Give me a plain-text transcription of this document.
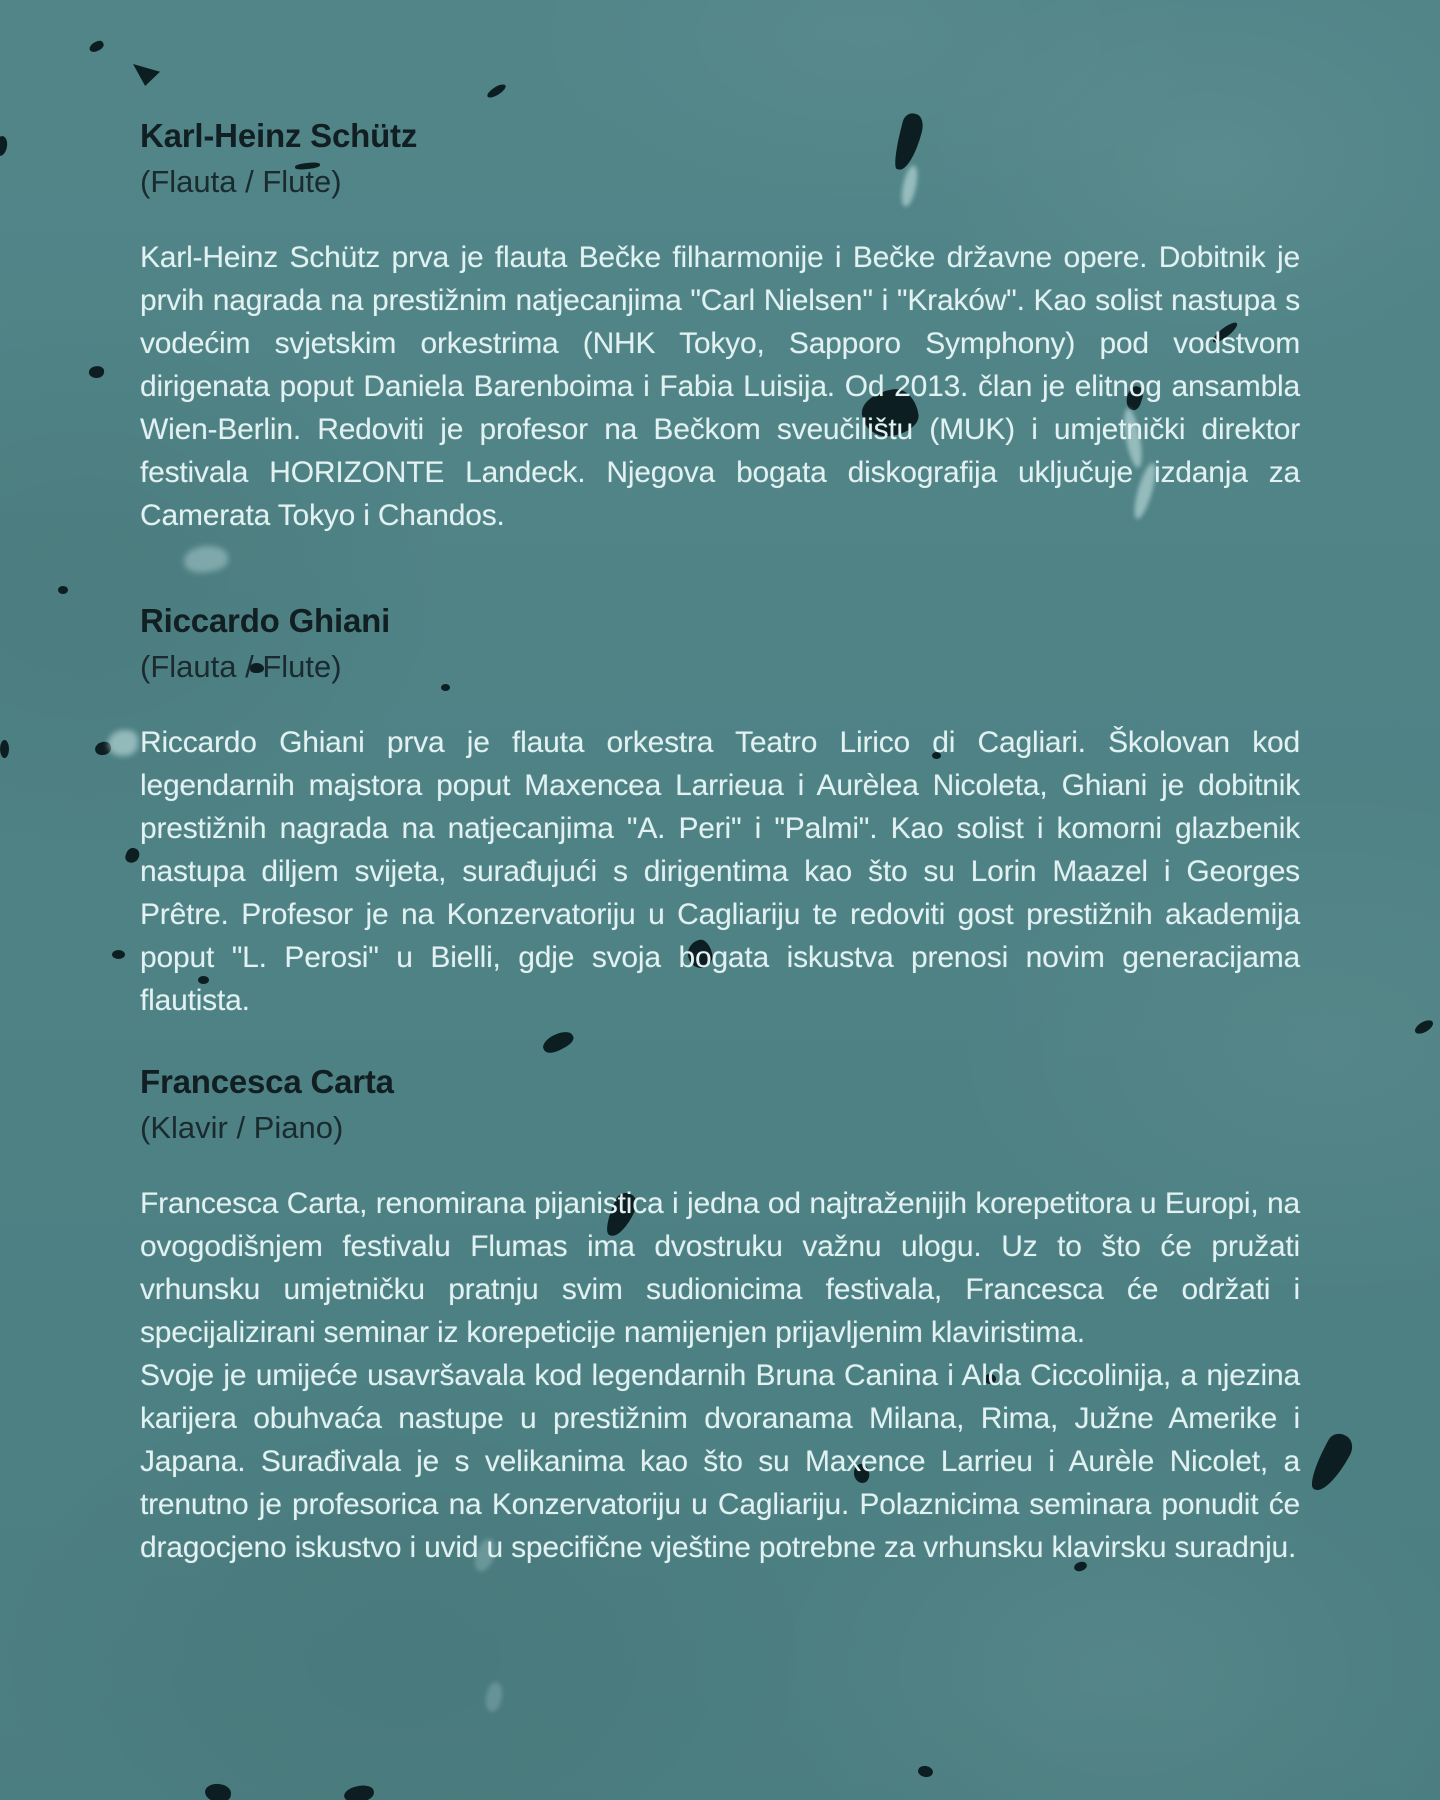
Karl-Heinz Schütz
(Flauta / Flute)

Karl-Heinz Schütz prva je flauta Bečke filharmonije i Bečke državne opere. Dobitnik je prvih nagrada na prestižnim natjecanjima "Carl Nielsen" i "Kraków". Kao solist nastupa s vodećim svjetskim orkestrima (NHK Tokyo, Sapporo Symphony) pod vodstvom dirigenata poput Daniela Barenboima i Fabia Luisija. Od 2013. član je elitnog ansambla Wien-Berlin. Redoviti je profesor na Bečkom sveučilištu (MUK) i umjetnički direktor festivala HORIZONTE Landeck. Njegova bogata diskografija uključuje izdanja za Camerata Tokyo i Chandos.

Riccardo Ghiani
(Flauta / Flute)

Riccardo Ghiani prva je flauta orkestra Teatro Lirico di Cagliari. Školovan kod legendarnih majstora poput Maxencea Larrieua i Aurèlea Nicoleta, Ghiani je dobitnik prestižnih nagrada na natjecanjima "A. Peri" i "Palmi". Kao solist i komorni glazbenik nastupa diljem svijeta, surađujući s dirigentima kao što su Lorin Maazel i Georges Prêtre. Profesor je na Konzervatoriju u Cagliariju te redoviti gost prestižnih akademija poput "L. Perosi" u Bielli, gdje svoja bogata iskustva prenosi novim generacijama flautista.

Francesca Carta
(Klavir / Piano)

Francesca Carta, renomirana pijanistica i jedna od najtraženijih korepetitora u Europi, na ovogodišnjem festivalu Flumas ima dvostruku važnu ulogu. Uz to što će pružati vrhunsku umjetničku pratnju svim sudionicima festivala, Francesca će održati i specijalizirani seminar iz korepeticije namijenjen prijavljenim klaviristima.

Svoje je umijeće usavršavala kod legendarnih Bruna Canina i Alda Ciccolinija, a njezina karijera obuhvaća nastupe u prestižnim dvoranama Milana, Rima, Južne Amerike i Japana. Surađivala je s velikanima kao što su Maxence Larrieu i Aurèle Nicolet, a trenutno je profesorica na Konzervatoriju u Cagliariju. Polaznicima seminara ponudit će dragocjeno iskustvo i uvid u specifične vještine potrebne za vrhunsku klavirsku suradnju.
